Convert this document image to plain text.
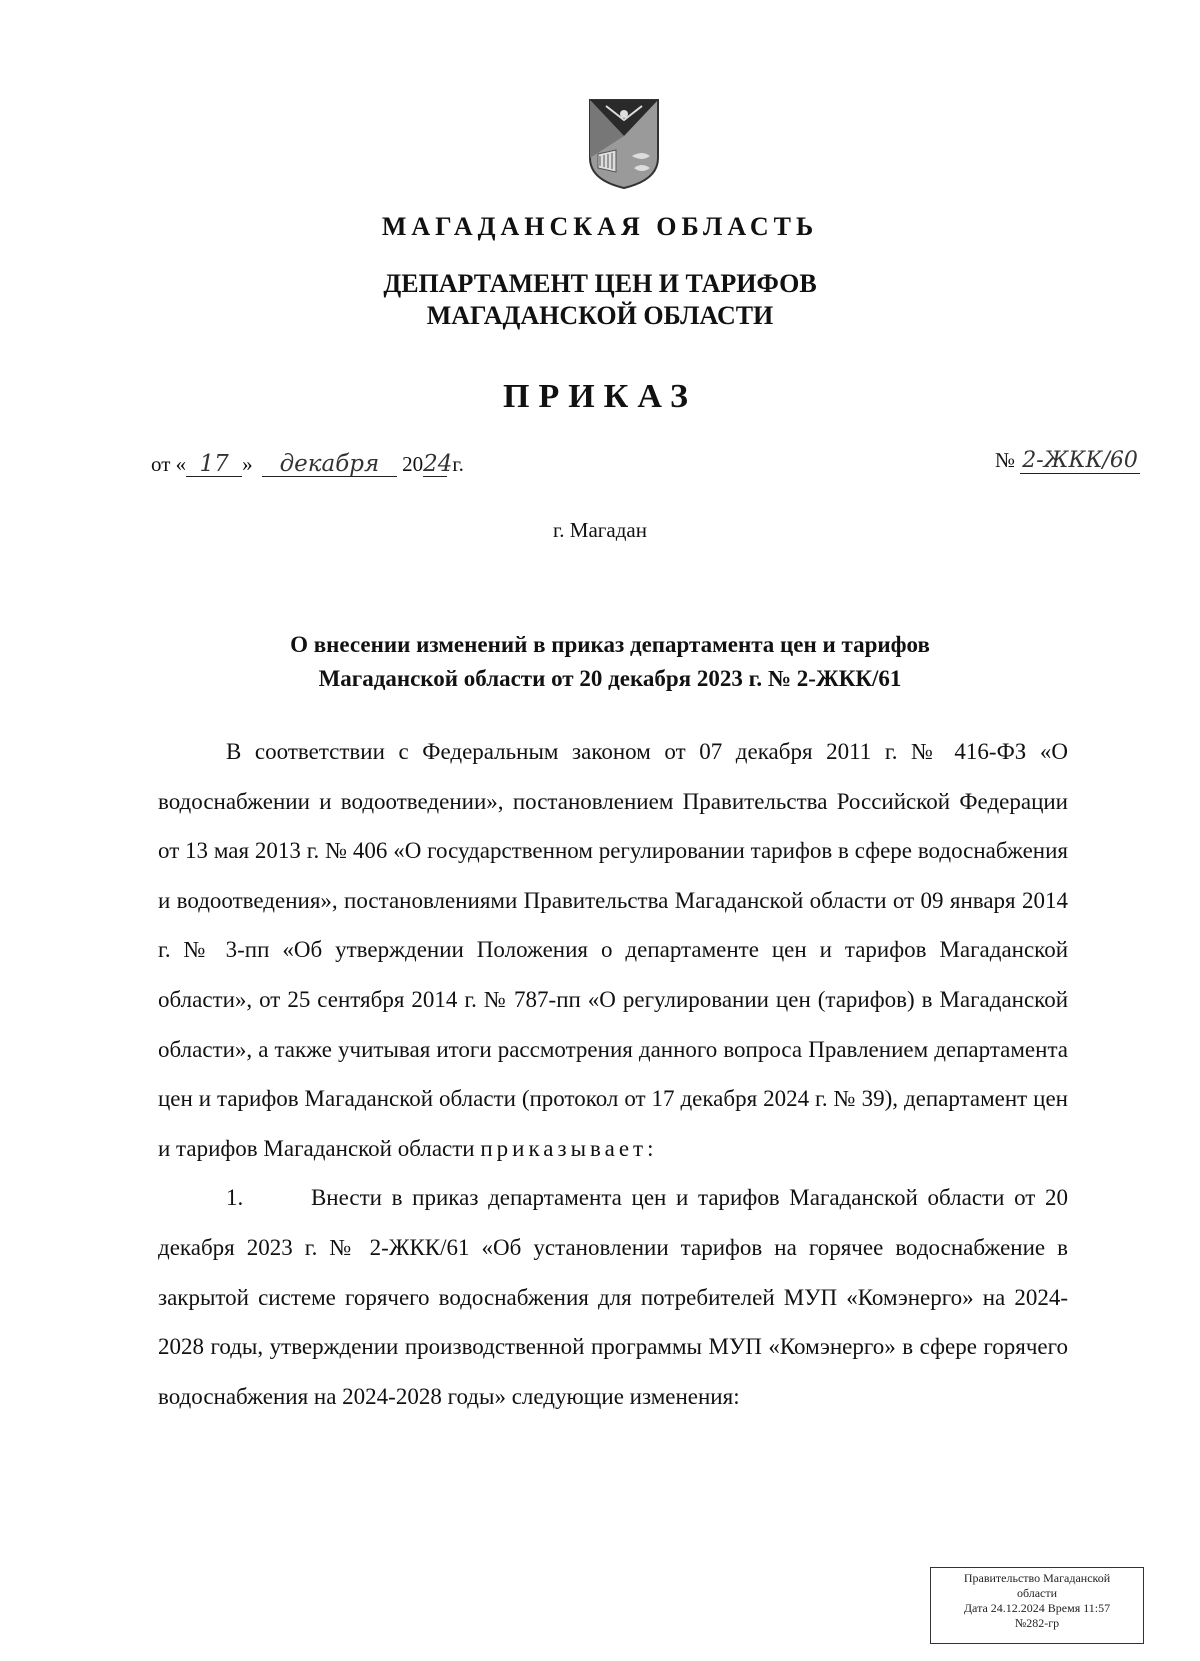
МАГАДАНСКАЯ ОБЛАСТЬ
ДЕПАРТАМЕНТ ЦЕН И ТАРИФОВ
МАГАДАНСКОЙ ОБЛАСТИ
ПРИКАЗ
от « 17 » декабря 2024 г.	№ 2-ЖКК/60
г. Магадан
О внесении изменений в приказ департамента цен и тарифов
Магаданской области от 20 декабря 2023 г. № 2-ЖКК/61

В соответствии с Федеральным законом от 07 декабря 2011 г. № 416-ФЗ «О водоснабжении и водоотведении», постановлением Правительства Российской Федерации от 13 мая 2013 г. № 406 «О государственном регулировании тарифов в сфере водоснабжения и водоотведения», постановлениями Правительства Магаданской области от 09 января 2014 г. № 3-пп «Об утверждении Положения о департаменте цен и тарифов Магаданской области», от 25 сентября 2014 г. № 787-пп «О регулировании цен (тарифов) в Магаданской области», а также учитывая итоги рассмотрения данного вопроса Правлением департамента цен и тарифов Магаданской области (протокол от 17 декабря 2024 г. № 39), департамент цен и тарифов Магаданской области приказывает:

1.	Внести в приказ департамента цен и тарифов Магаданской области от 20 декабря 2023 г. № 2-ЖКК/61 «Об установлении тарифов на горячее водоснабжение в закрытой системе горячего водоснабжения для потребителей МУП «Комэнерго» на 2024-2028 годы, утверждении производственной программы МУП «Комэнерго» в сфере горячего водоснабжения на 2024-2028 годы» следующие изменения:

Правительство Магаданской
области
Дата 24.12.2024 Время 11:57
№282-гр
